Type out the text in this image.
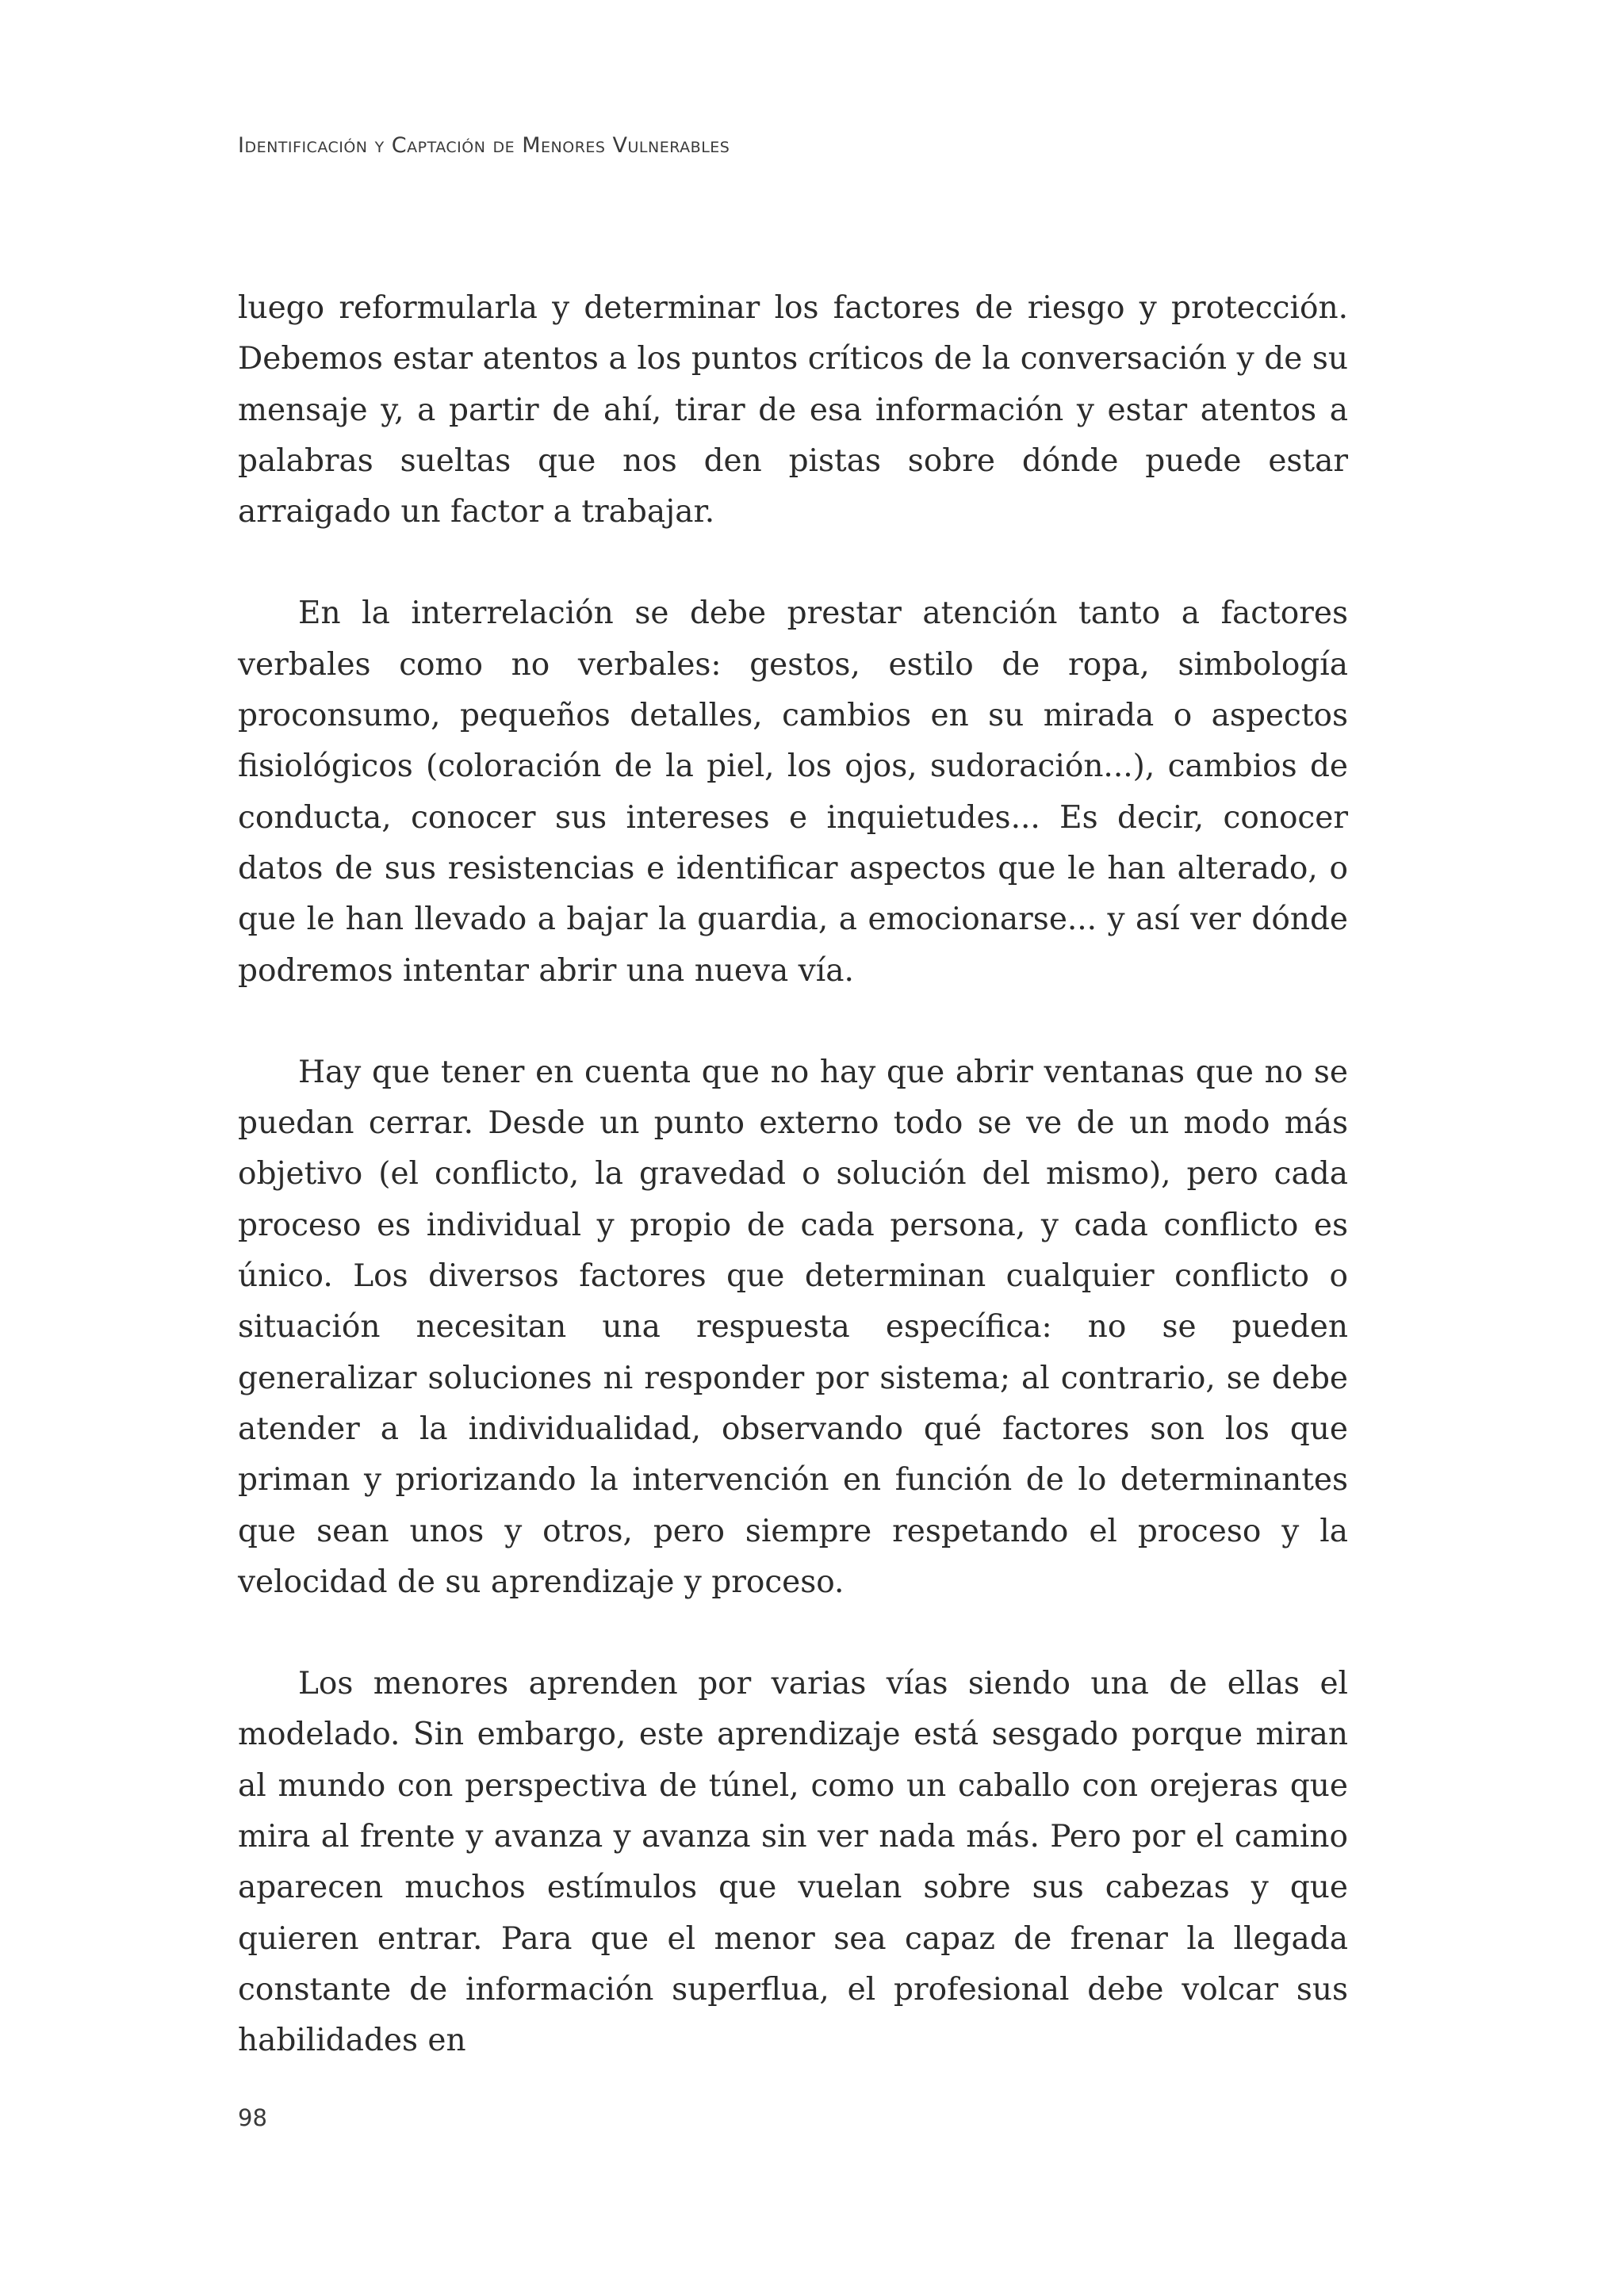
Identificación y Captación de Menores Vulnerables

luego reformularla y determinar los factores de riesgo y protección. Debemos estar atentos a los puntos críticos de la conversación y de su mensaje y, a partir de ahí, tirar de esa información y estar atentos a palabras sueltas que nos den pistas sobre dónde puede estar arraigado un factor a trabajar.

En la interrelación se debe prestar atención tanto a factores verbales como no verbales: gestos, estilo de ropa, simbología proconsumo, pequeños detalles, cambios en su mirada o aspectos fisiológicos (coloración de la piel, los ojos, sudoración...), cambios de conducta, conocer sus intereses e inquietudes... Es decir, conocer datos de sus resistencias e identificar aspectos que le han alterado, o que le han llevado a bajar la guardia, a emocionarse... y así ver dónde podremos intentar abrir una nueva vía.

Hay que tener en cuenta que no hay que abrir ventanas que no se puedan cerrar. Desde un punto externo todo se ve de un modo más objetivo (el conflicto, la gravedad o solución del mismo), pero cada proceso es individual y propio de cada persona, y cada conflicto es único. Los diversos factores que determinan cualquier conflicto o situación necesitan una respuesta específica: no se pueden generalizar soluciones ni responder por sistema; al contrario, se debe atender a la individualidad, observando qué factores son los que priman y priorizando la intervención en función de lo determinantes que sean unos y otros, pero siempre respetando el proceso y la velocidad de su aprendizaje y proceso.

Los menores aprenden por varias vías siendo una de ellas el modelado. Sin embargo, este aprendizaje está sesgado porque miran al mundo con perspectiva de túnel, como un caballo con orejeras que mira al frente y avanza y avanza sin ver nada más. Pero por el camino aparecen muchos estímulos que vuelan sobre sus cabezas y que quieren entrar. Para que el menor sea capaz de frenar la llegada constante de información superflua, el profesional debe volcar sus habilidades en

98
